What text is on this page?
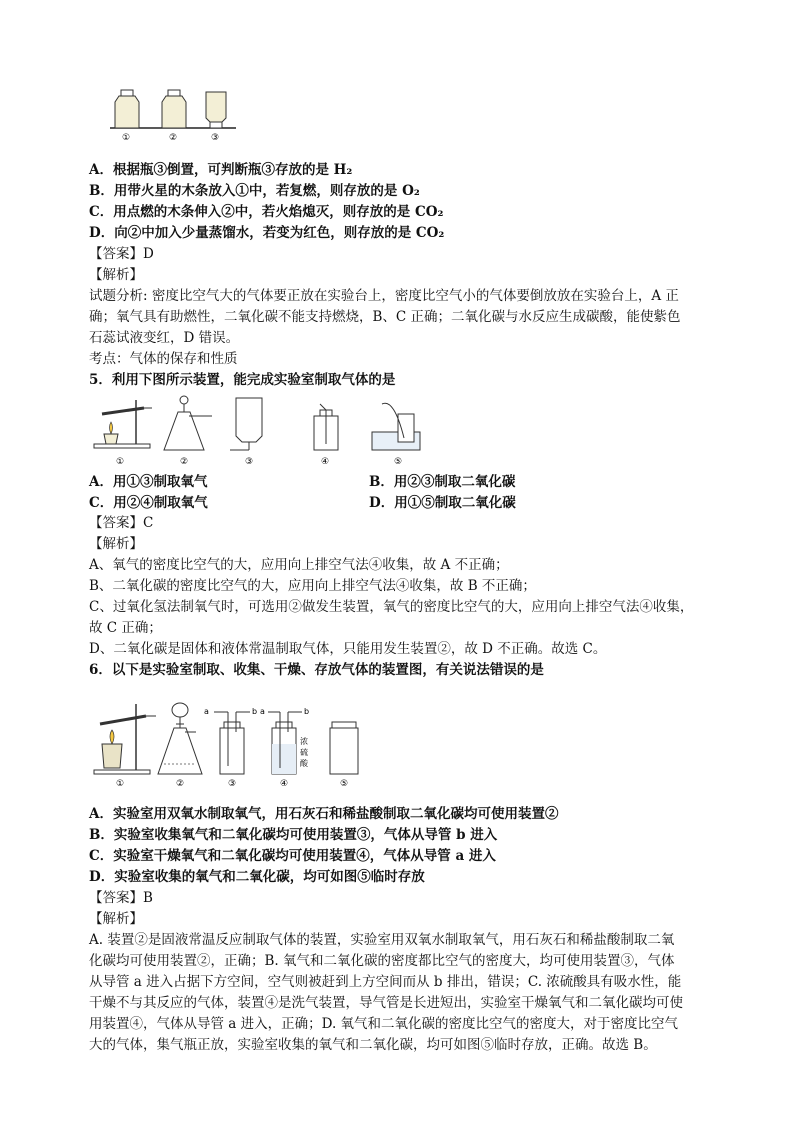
①	②	③
A．根据瓶③倒置，可判断瓶③存放的是 H₂
B．用带火星的木条放入①中，若复燃，则存放的是 O₂
C．用点燃的木条伸入②中，若火焰熄灭，则存放的是 CO₂
D．向②中加入少量蒸馏水，若变为红色，则存放的是 CO₂
【答案】D
【解析】
试题分析: 密度比空气大的气体要正放在实验台上，密度比空气小的气体要倒放放在实验台上，A 正
确；氧气具有助燃性，二氧化碳不能支持燃烧，B、C 正确；二氧化碳与水反应生成碳酸，能使紫色
石蕊试液变红，D 错误。
考点：气体的保存和性质
5．利用下图所示装置，能完成实验室制取气体的是
①	②	③	④	⑤
A．用①③制取氧气	B．用②③制取二氧化碳
C．用②④制取氧气	D．用①⑤制取二氧化碳
【答案】C
【解析】
A、氧气的密度比空气的大，应用向上排空气法④收集，故 A 不正确；
B、二氧化碳的密度比空气的大，应用向上排空气法④收集，故 B 不正确；
C、过氧化氢法制氧气时，可选用②做发生装置，氧气的密度比空气的大，应用向上排空气法④收集，
故 C 正确；
D、二氧化碳是固体和液体常温制取气体，只能用发生装置②，故 D 不正确。故选 C。
6．以下是实验室制取、收集、干燥、存放气体的装置图，有关说法错误的是
a	b a	b
浓
硫
酸
①	②	③	④	⑤
A．实验室用双氧水制取氧气，用石灰石和稀盐酸制取二氧化碳均可使用装置②
B．实验室收集氧气和二氧化碳均可使用装置③，气体从导管 b 进入
C．实验室干燥氧气和二氧化碳均可使用装置④，气体从导管 a 进入
D．实验室收集的氧气和二氧化碳，均可如图⑤临时存放
【答案】B
【解析】
A. 装置②是固液常温反应制取气体的装置，实验室用双氧水制取氧气，用石灰石和稀盐酸制取二氧
化碳均可使用装置②，正确；B. 氧气和二氧化碳的密度都比空气的密度大，均可使用装置③，气体
从导管 a 进入占据下方空间，空气则被赶到上方空间而从 b 排出，错误；C. 浓硫酸具有吸水性，能
干燥不与其反应的气体，装置④是洗气装置，导气管是长进短出，实验室干燥氧气和二氧化碳均可使
用装置④，气体从导管 a 进入，正确；D. 氧气和二氧化碳的密度比空气的密度大，对于密度比空气
大的气体，集气瓶正放，实验室收集的氧气和二氧化碳，均可如图⑤临时存放，正确。故选 B。
